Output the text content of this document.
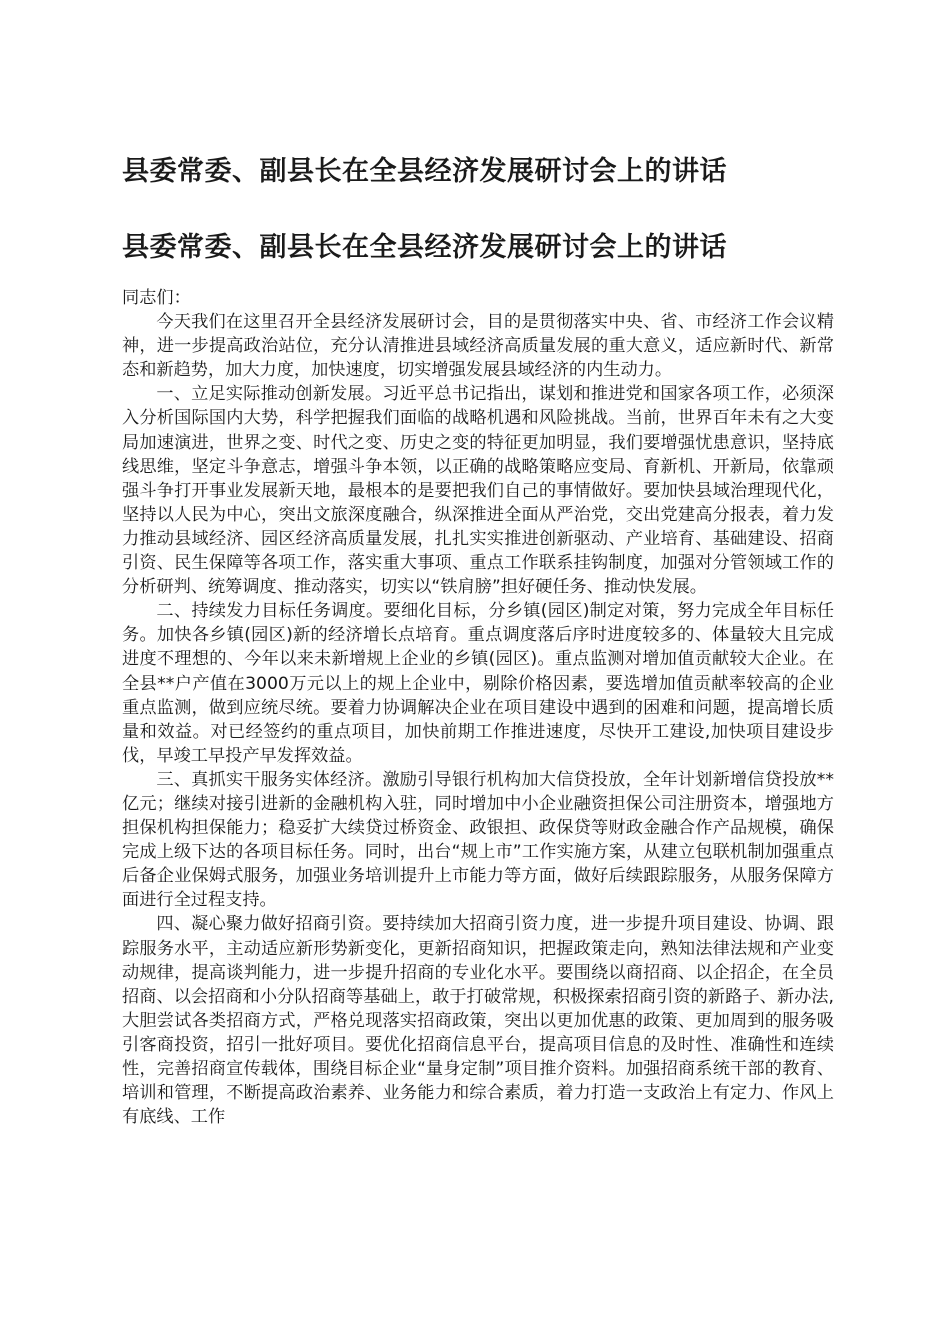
县委常委、副县长在全县经济发展研讨会上的讲话
县委常委、副县长在全县经济发展研讨会上的讲话

同志们：

今天我们在这里召开全县经济发展研讨会，目的是贯彻落实中央、省、市经济工作会议精神，进一步提高政治站位，充分认清推进县域经济高质量发展的重大意义，适应新时代、新常态和新趋势，加大力度，加快速度，切实增强发展县域经济的内生动力。

一、立足实际推动创新发展。习近平总书记指出，谋划和推进党和国家各项工作，必须深入分析国际国内大势，科学把握我们面临的战略机遇和风险挑战。当前，世界百年未有之大变局加速演进，世界之变、时代之变、历史之变的特征更加明显，我们要增强忧患意识，坚持底线思维，坚定斗争意志，增强斗争本领，以正确的战略策略应变局、育新机、开新局，依靠顽强斗争打开事业发展新天地，最根本的是要把我们自己的事情做好。要加快县域治理现代化，坚持以人民为中心，突出文旅深度融合，纵深推进全面从严治党，交出党建高分报表，着力发力推动县域经济、园区经济高质量发展，扎扎实实推进创新驱动、产业培育、基础建设、招商引资、民生保障等各项工作，落实重大事项、重点工作联系挂钩制度，加强对分管领域工作的分析研判、统筹调度、推动落实，切实以“铁肩膀”担好硬任务、推动快发展。

二、持续发力目标任务调度。要细化目标，分乡镇(园区)制定对策，努力完成全年目标任务。加快各乡镇(园区)新的经济增长点培育。重点调度落后序时进度较多的、体量较大且完成进度不理想的、今年以来未新增规上企业的乡镇(园区)。重点监测对增加值贡献较大企业。在全县**户产值在3000万元以上的规上企业中，剔除价格因素，要选增加值贡献率较高的企业重点监测，做到应统尽统。要着力协调解决企业在项目建设中遇到的困难和问题，提高增长质量和效益。对已经签约的重点项目，加快前期工作推进速度，尽快开工建设,加快项目建设步伐，早竣工早投产早发挥效益。

三、真抓实干服务实体经济。激励引导银行机构加大信贷投放，全年计划新增信贷投放**亿元；继续对接引进新的金融机构入驻，同时增加中小企业融资担保公司注册资本，增强地方担保机构担保能力；稳妥扩大续贷过桥资金、政银担、政保贷等财政金融合作产品规模，确保完成上级下达的各项目标任务。同时，出台“规上市”工作实施方案，从建立包联机制加强重点后备企业保姆式服务，加强业务培训提升上市能力等方面，做好后续跟踪服务，从服务保障方面进行全过程支持。

四、凝心聚力做好招商引资。要持续加大招商引资力度，进一步提升项目建设、协调、跟踪服务水平，主动适应新形势新变化，更新招商知识，把握政策走向，熟知法律法规和产业变动规律，提高谈判能力，进一步提升招商的专业化水平。要围绕以商招商、以企招企，在全员招商、以会招商和小分队招商等基础上，敢于打破常规，积极探索招商引资的新路子、新办法,大胆尝试各类招商方式，严格兑现落实招商政策，突出以更加优惠的政策、更加周到的服务吸引客商投资，招引一批好项目。要优化招商信息平台，提高项目信息的及时性、准确性和连续性，完善招商宣传载体，围绕目标企业“量身定制”项目推介资料。加强招商系统干部的教育、培训和管理，不断提高政治素养、业务能力和综合素质，着力打造一支政治上有定力、作风上有底线、工作
